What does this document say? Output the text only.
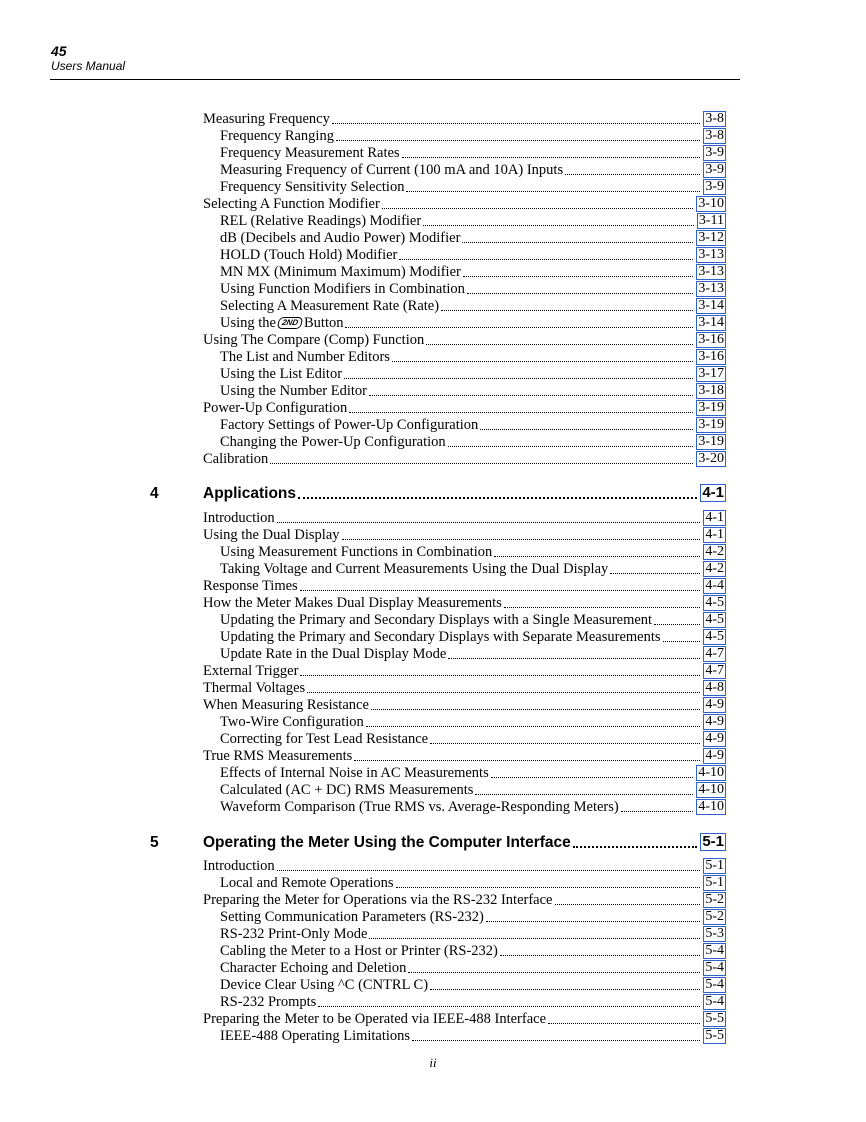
45
Users Manual
Measuring Frequency	3-8
Frequency Ranging	3-8
Frequency Measurement Rates	3-9
Measuring Frequency of Current (100 mA and 10A) Inputs	3-9
Frequency Sensitivity Selection	3-9
Selecting A Function Modifier	3-10
REL (Relative Readings) Modifier	3-11
dB (Decibels and Audio Power) Modifier	3-12
HOLD (Touch Hold) Modifier	3-13
MN MX (Minimum Maximum) Modifier	3-13
Using Function Modifiers in Combination	3-13
Selecting A Measurement Rate (Rate)	3-14
Using the 2ND Button	3-14
Using The Compare (Comp) Function	3-16
The List and Number Editors	3-16
Using the List Editor	3-17
Using the Number Editor	3-18
Power-Up Configuration	3-19
Factory Settings of Power-Up Configuration	3-19
Changing the Power-Up Configuration	3-19
Calibration	3-20
4	Applications	4-1
Introduction	4-1
Using the Dual Display	4-1
Using Measurement Functions in Combination	4-2
Taking Voltage and Current Measurements Using the Dual Display	4-2
Response Times	4-4
How the Meter Makes Dual Display Measurements	4-5
Updating the Primary and Secondary Displays with a Single Measurement	4-5
Updating the Primary and Secondary Displays with Separate Measurements	4-5
Update Rate in the Dual Display Mode	4-7
External Trigger	4-7
Thermal Voltages	4-8
When Measuring Resistance	4-9
Two-Wire Configuration	4-9
Correcting for Test Lead Resistance	4-9
True RMS Measurements	4-9
Effects of Internal Noise in AC Measurements	4-10
Calculated (AC + DC) RMS Measurements	4-10
Waveform Comparison (True RMS vs. Average-Responding Meters)	4-10
5	Operating the Meter Using the Computer Interface	5-1
Introduction	5-1
Local and Remote Operations	5-1
Preparing the Meter for Operations via the RS-232 Interface	5-2
Setting Communication Parameters (RS-232)	5-2
RS-232 Print-Only Mode	5-3
Cabling the Meter to a Host or Printer (RS-232)	5-4
Character Echoing and Deletion	5-4
Device Clear Using ^C (CNTRL C)	5-4
RS-232 Prompts	5-4
Preparing the Meter to be Operated via IEEE-488 Interface	5-5
IEEE-488 Operating Limitations	5-5
ii
